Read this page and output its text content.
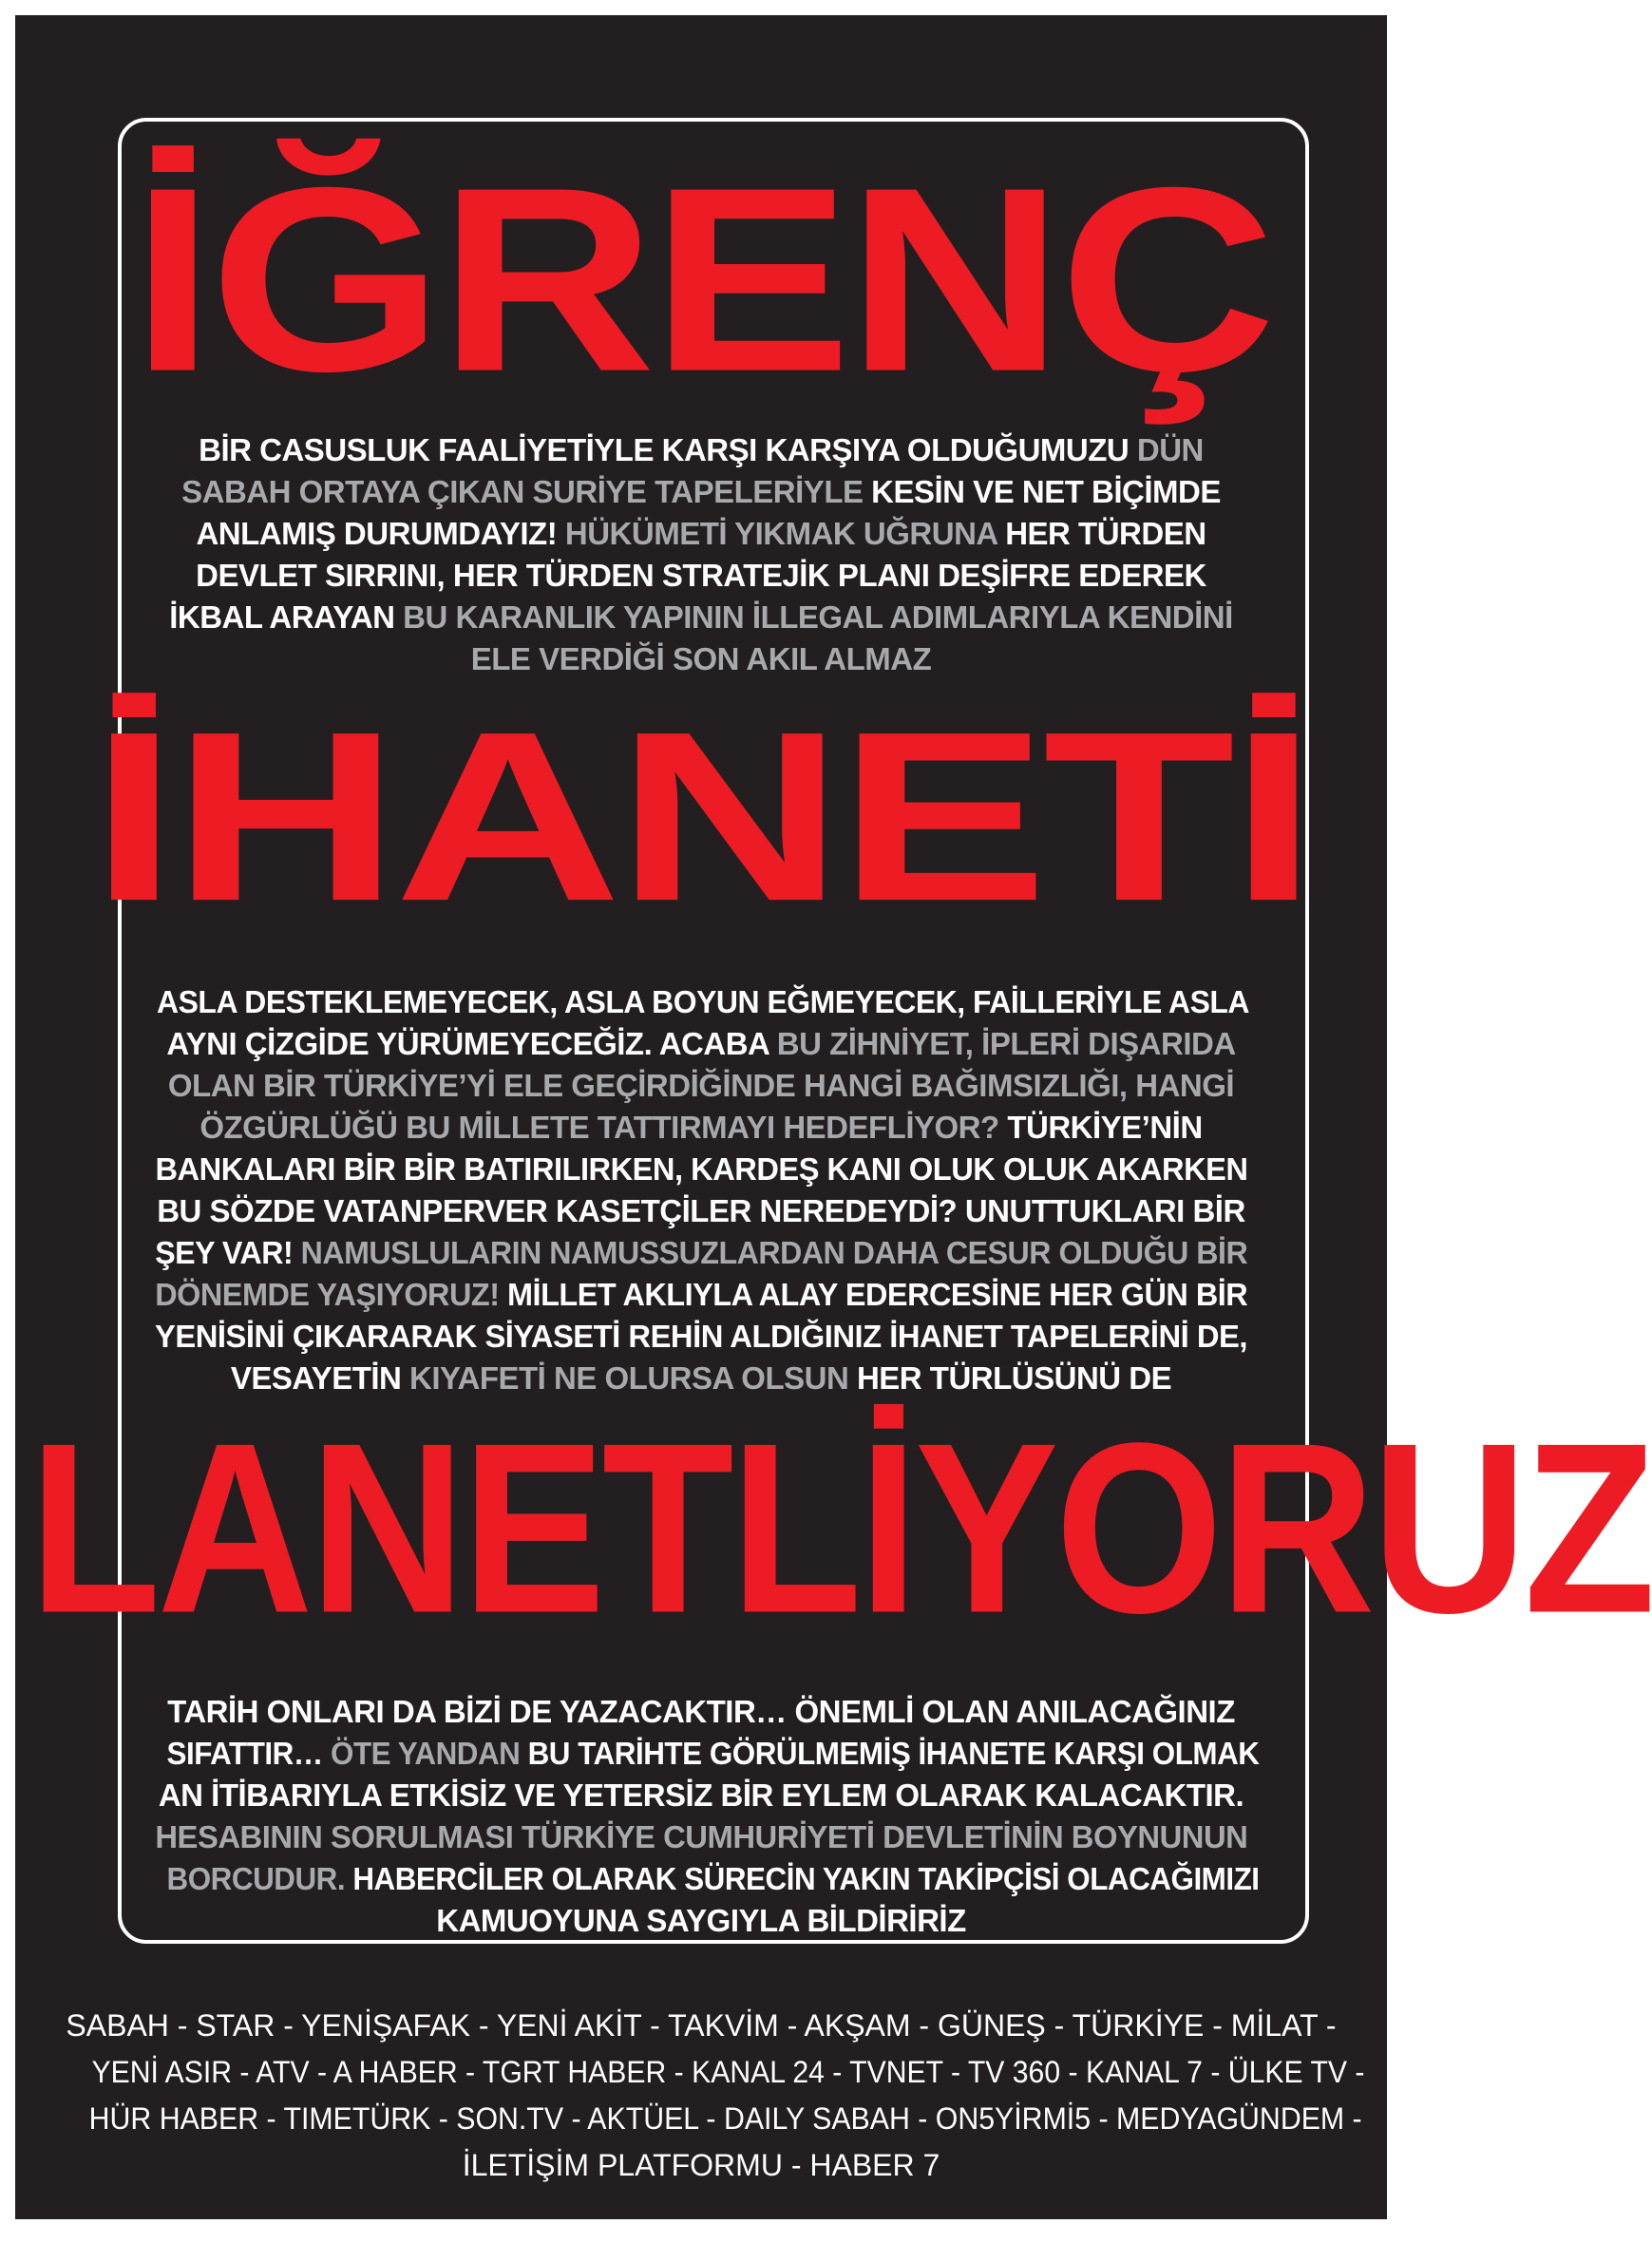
İĞRENÇ
BİR CASUSLUK FAALİYETİYLE KARŞI KARŞIYA OLDUĞUMUZU DÜN
SABAH ORTAYA ÇIKAN SURİYE TAPELERİYLE KESİN VE NET BİÇİMDE
ANLAMIŞ DURUMDAYIZ! HÜKÜMETİ YIKMAK UĞRUNA HER TÜRDEN
DEVLET SIRRINI, HER TÜRDEN STRATEJİK PLANI DEŞİFRE EDEREK
İKBAL ARAYAN BU KARANLIK YAPININ İLLEGAL ADIMLARIYLA KENDİNİ
ELE VERDİĞİ SON AKIL ALMAZ
İHANETİ
ASLA DESTEKLEMEYECEK, ASLA BOYUN EĞMEYECEK, FAİLLERİYLE ASLA
AYNI ÇİZGİDE YÜRÜMEYECEĞİZ. ACABA BU ZİHNİYET, İPLERİ DIŞARIDA
OLAN BİR TÜRKİYE’Yİ ELE GEÇİRDİĞİNDE HANGİ BAĞIMSIZLIĞI, HANGİ
ÖZGÜRLÜĞÜ BU MİLLETE TATTIRMAYI HEDEFLİYOR? TÜRKİYE’NİN
BANKALARI BİR BİR BATIRILIRKEN, KARDEŞ KANI OLUK OLUK AKARKEN
BU SÖZDE VATANPERVER KASETÇİLER NEREDEYDİ? UNUTTUKLARI BİR
ŞEY VAR! NAMUSLULARIN NAMUSSUZLARDAN DAHA CESUR OLDUĞU BİR
DÖNEMDE YAŞIYORUZ! MİLLET AKLIYLA ALAY EDERCESİNE HER GÜN BİR
YENİSİNİ ÇIKARARAK SİYASETİ REHİN ALDIĞINIZ İHANET TAPELERİNİ DE,
VESAYETİN KIYAFETİ NE OLURSA OLSUN HER TÜRLÜSÜNÜ DE
LANETLİYORUZ
TARİH ONLARI DA BİZİ DE YAZACAKTIR… ÖNEMLİ OLAN ANILACAĞINIZ
SIFATTIR… ÖTE YANDAN BU TARİHTE GÖRÜLMEMİŞ İHANETE KARŞI OLMAK
AN İTİBARIYLA ETKİSİZ VE YETERSİZ BİR EYLEM OLARAK KALACAKTIR.
HESABININ SORULMASI TÜRKİYE CUMHURİYETİ DEVLETİNİN BOYNUNUN
BORCUDUR. HABERCİLER OLARAK SÜRECİN YAKIN TAKİPÇİSİ OLACAĞIMIZI
KAMUOYUNA SAYGIYLA BİLDİRİRİZ
SABAH - STAR - YENİŞAFAK - YENİ AKİT - TAKVİM - AKŞAM - GÜNEŞ - TÜRKİYE - MİLAT -
YENİ ASIR - ATV - A HABER - TGRT HABER - KANAL 24 - TVNET - TV 360 - KANAL 7 - ÜLKE TV -
HÜR HABER - TIMETÜRK - SON.TV - AKTÜEL - DAILY SABAH - ON5YİRMİ5 - MEDYAGÜNDEM -
İLETİŞİM PLATFORMU - HABER 7
